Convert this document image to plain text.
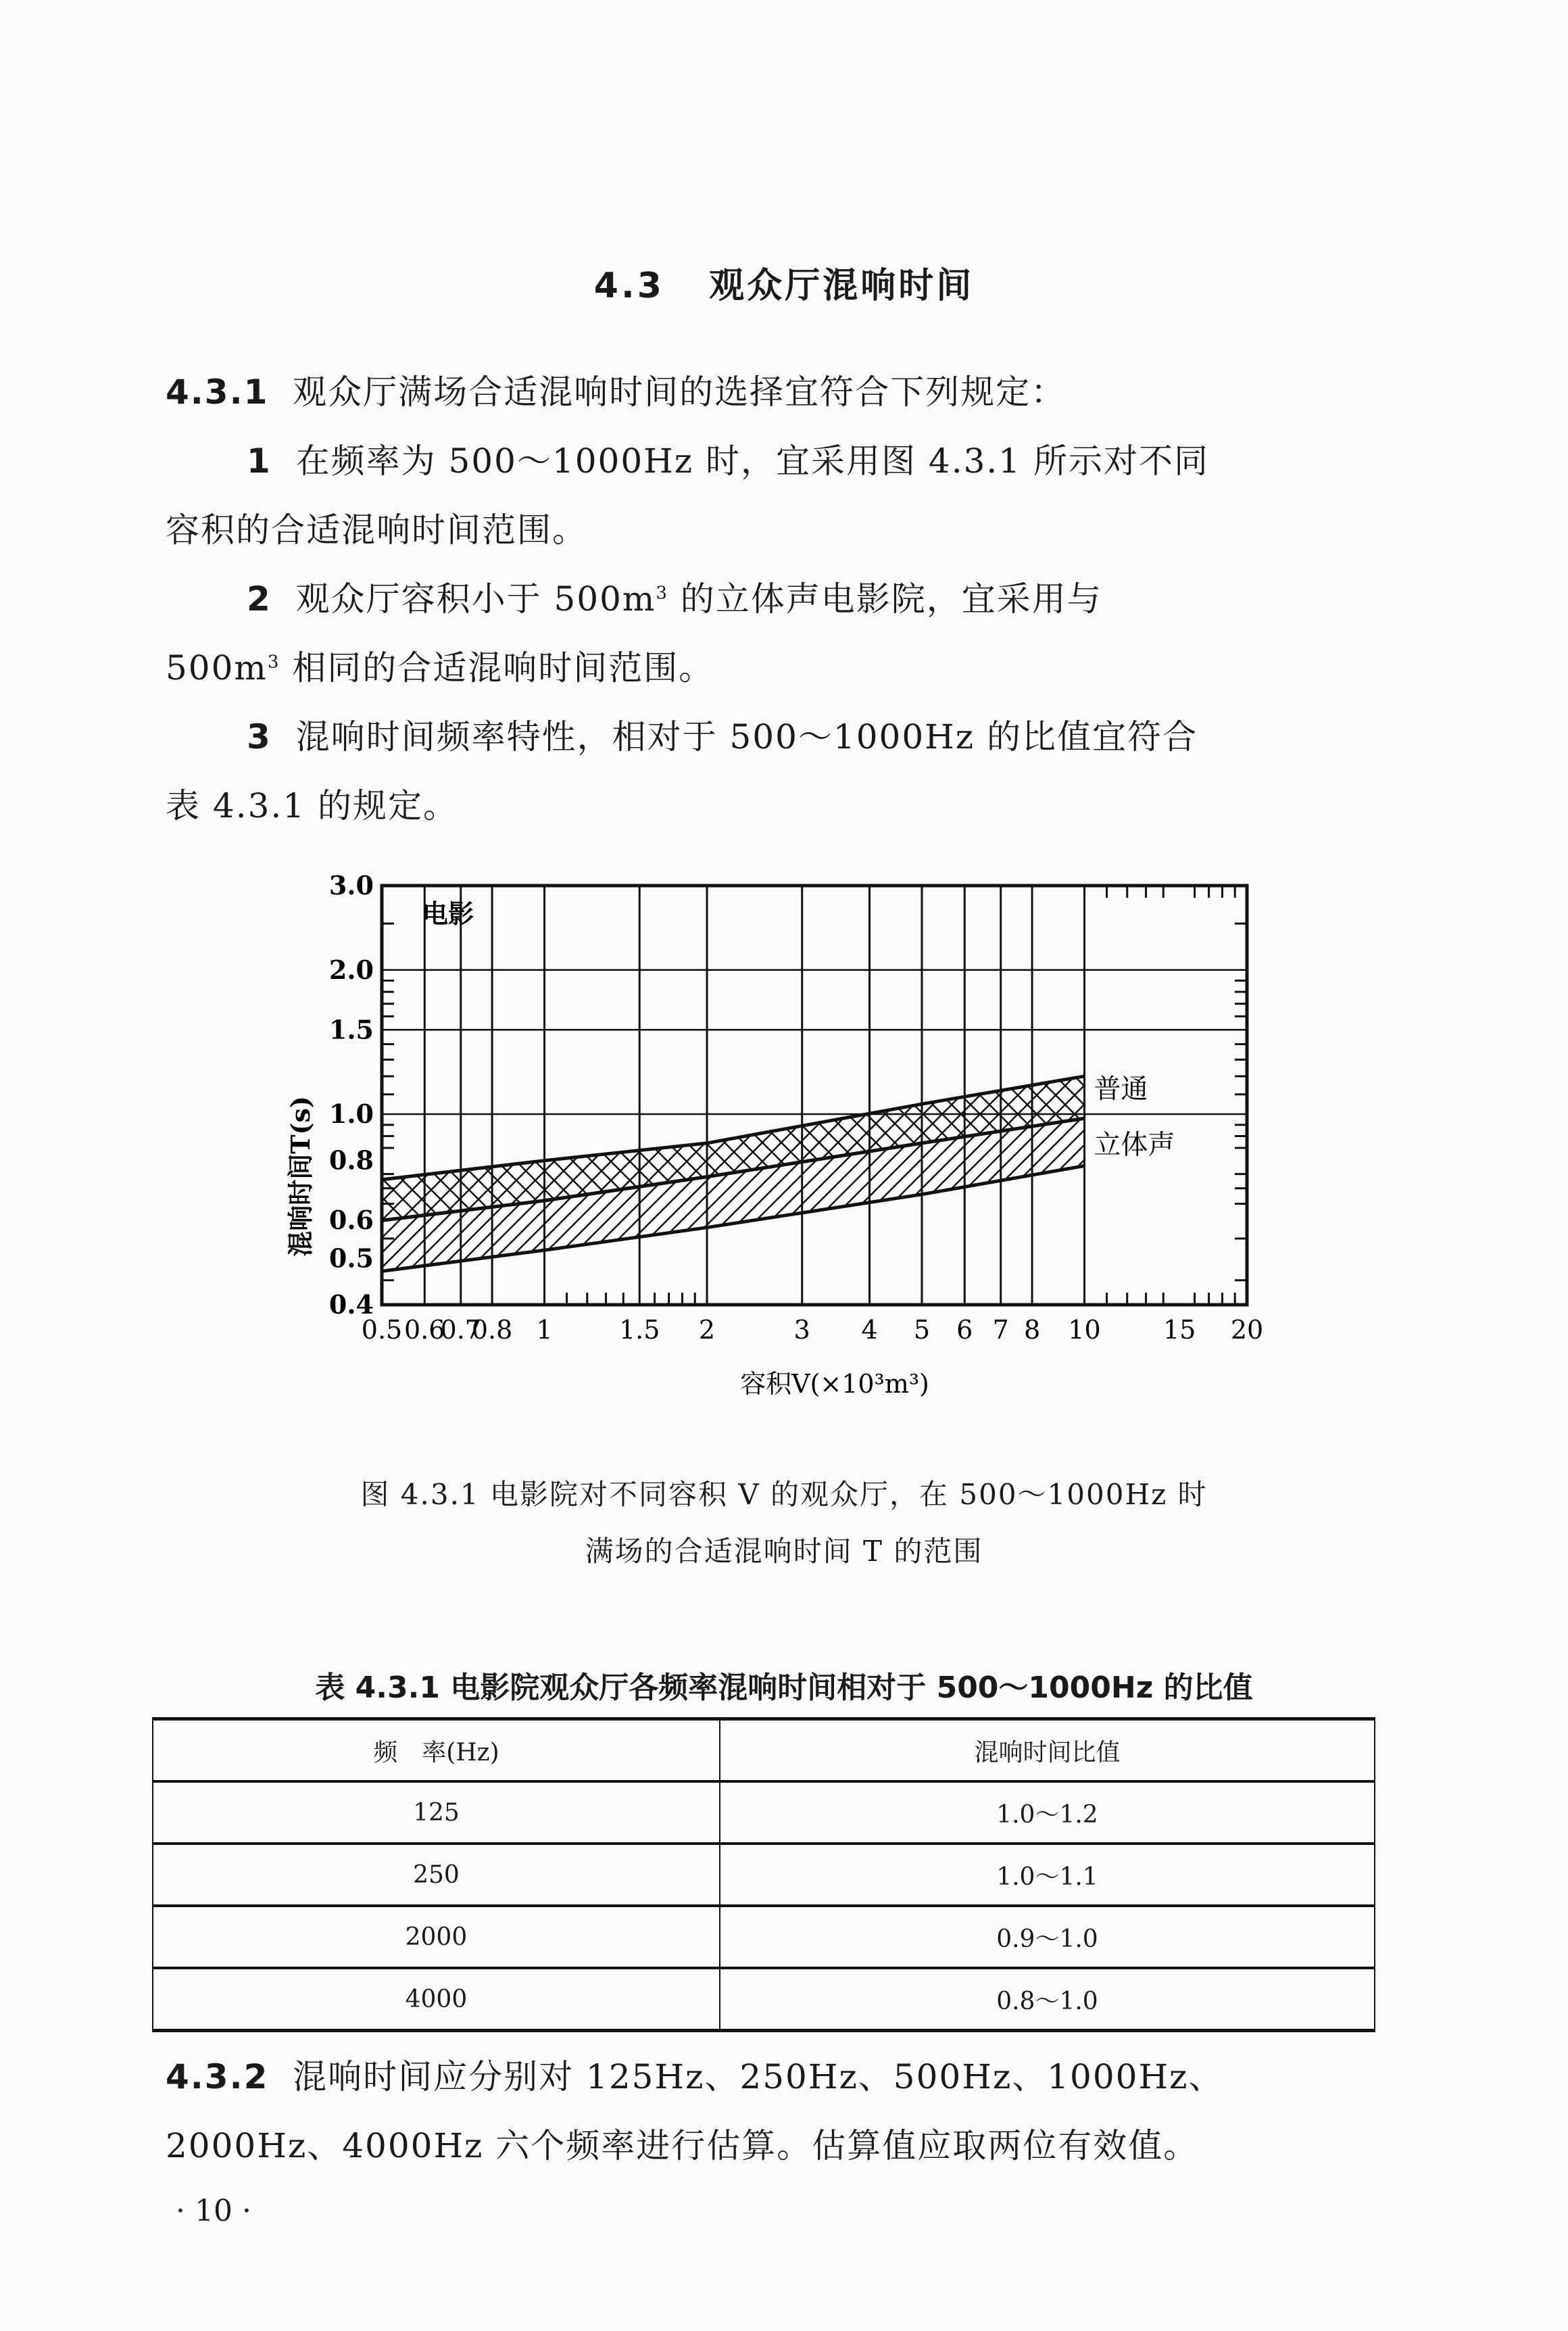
4.3 观众厅混响时间
4.3.1 观众厅满场合适混响时间的选择宜符合下列规定：
1 在频率为 500～1000Hz 时，宜采用图 4.3.1 所示对不同
容积的合适混响时间范围。
2 观众厅容积小于 $500m^3$ 的立体声电影院，宜采用与
$500m^3$ 相同的合适混响时间范围。
3 混响时间频率特性，相对于 500～1000Hz 的比值宜符合
表 4.3.1 的规定。
0.5 0.6
0.7
0.8 1	1.5 2	3 4 5 6 7 8 10 15 20
0.4
0.5
0.6
0.8
1.0
1.5
2.0
3.0
电影
普通
立体声
混响时间T(s)
容积V(×10³m³)
图 4.3.1 电影院对不同容积 V 的观众厅，在 500～1000Hz 时
满场的合适混响时间 T 的范围
表 4.3.1 电影院观众厅各频率混响时间相对于 500～1000Hz 的比值
频　率(Hz)	混响时间比值
125	1.0～1.2
250	1.0～1.1
2000	0.9～1.0
4000	0.8～1.0
4.3.2 混响时间应分别对 125Hz、250Hz、500Hz、1000Hz、
2000Hz、4000Hz 六个频率进行估算。估算值应取两位有效值。
· 10 ·
